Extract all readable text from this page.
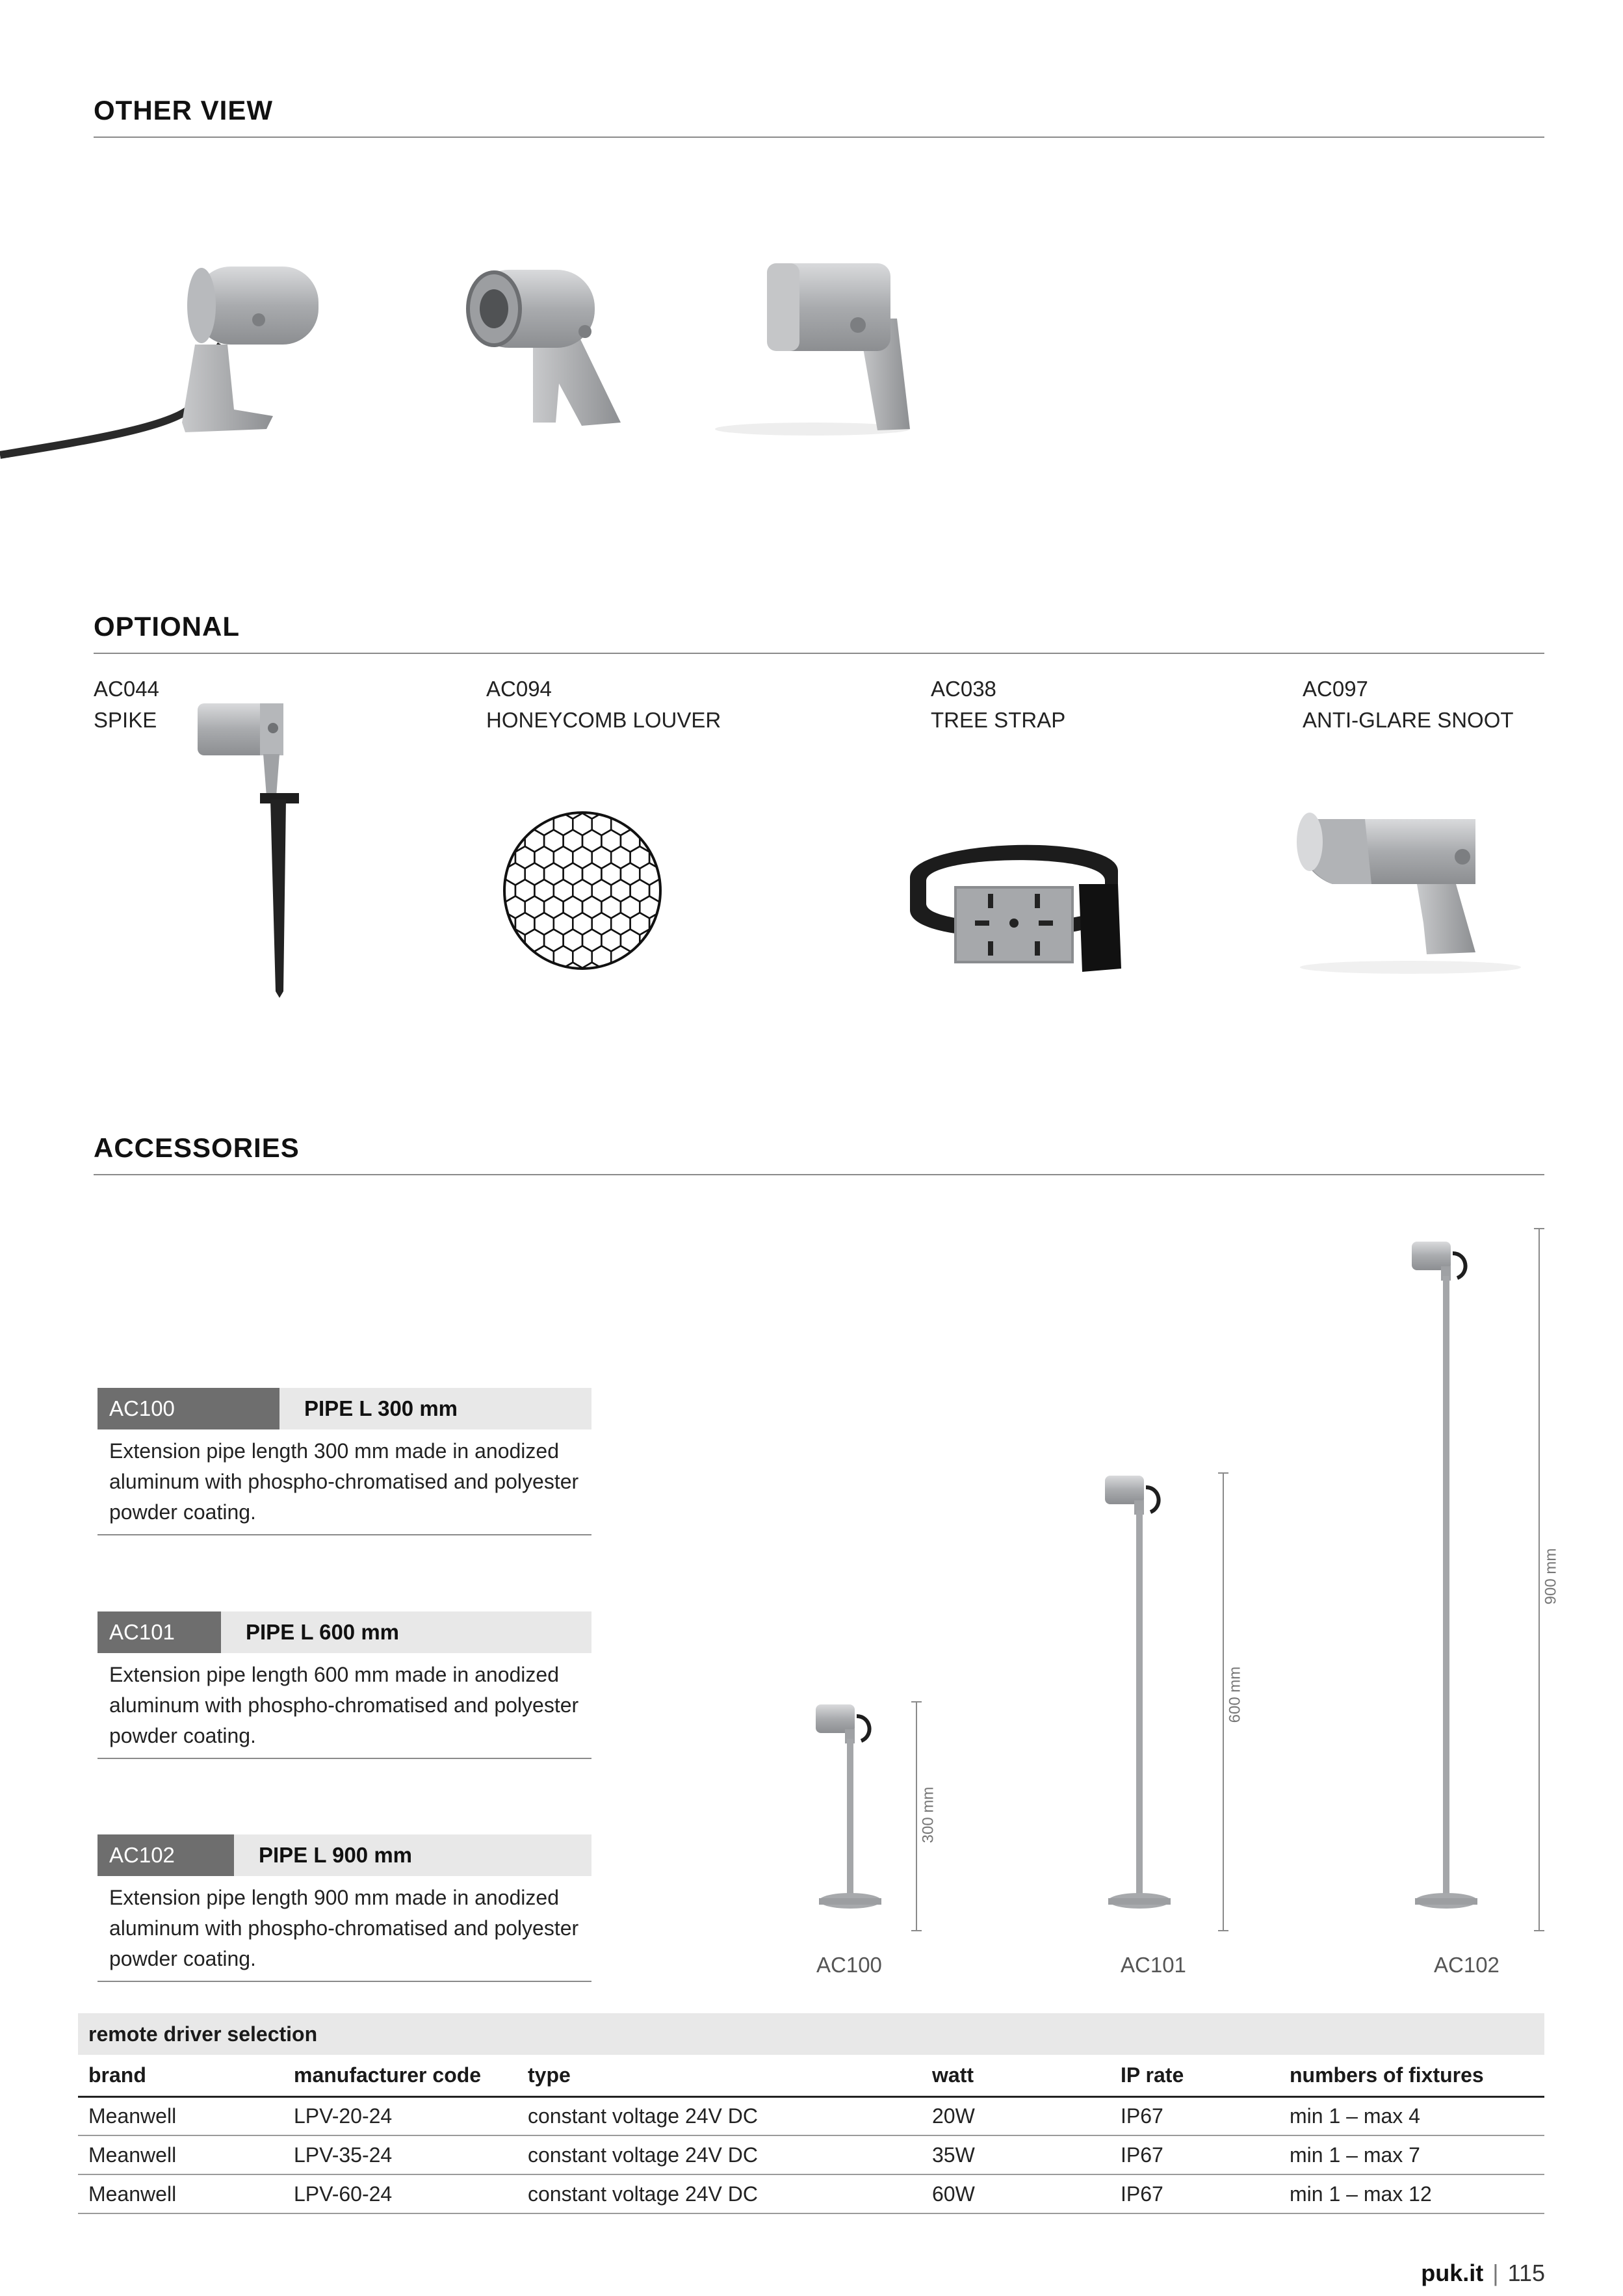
OTHER VIEW
OPTIONAL
AC044
SPIKE
AC094
HONEYCOMB LOUVER
AC038
TREE STRAP
AC097
ANTI-GLARE SNOOT
ACCESSORIES
AC100	PIPE L 300 mm
Extension pipe length 300 mm made in anodized aluminum with phospho-chromatised and polyester powder coating.
AC101	PIPE L 600 mm
Extension pipe length 600 mm made in anodized aluminum with phospho-chromatised and polyester powder coating.
AC102	PIPE L 900 mm
Extension pipe length 900 mm made in anodized aluminum with phospho-chromatised and polyester powder coating.
300 mm
600 mm
900 mm
AC100	AC101	AC102
remote driver selection					
brand	manufacturer code	type	watt	IP rate	numbers of fixtures
Meanwell	LPV-20-24	constant voltage 24V DC	20W	IP67	min 1 – max 4
Meanwell	LPV-35-24	constant voltage 24V DC	35W	IP67	min 1 – max 7
Meanwell	LPV-60-24	constant voltage 24V DC	60W	IP67	min 1 – max 12
puk.it | 115
